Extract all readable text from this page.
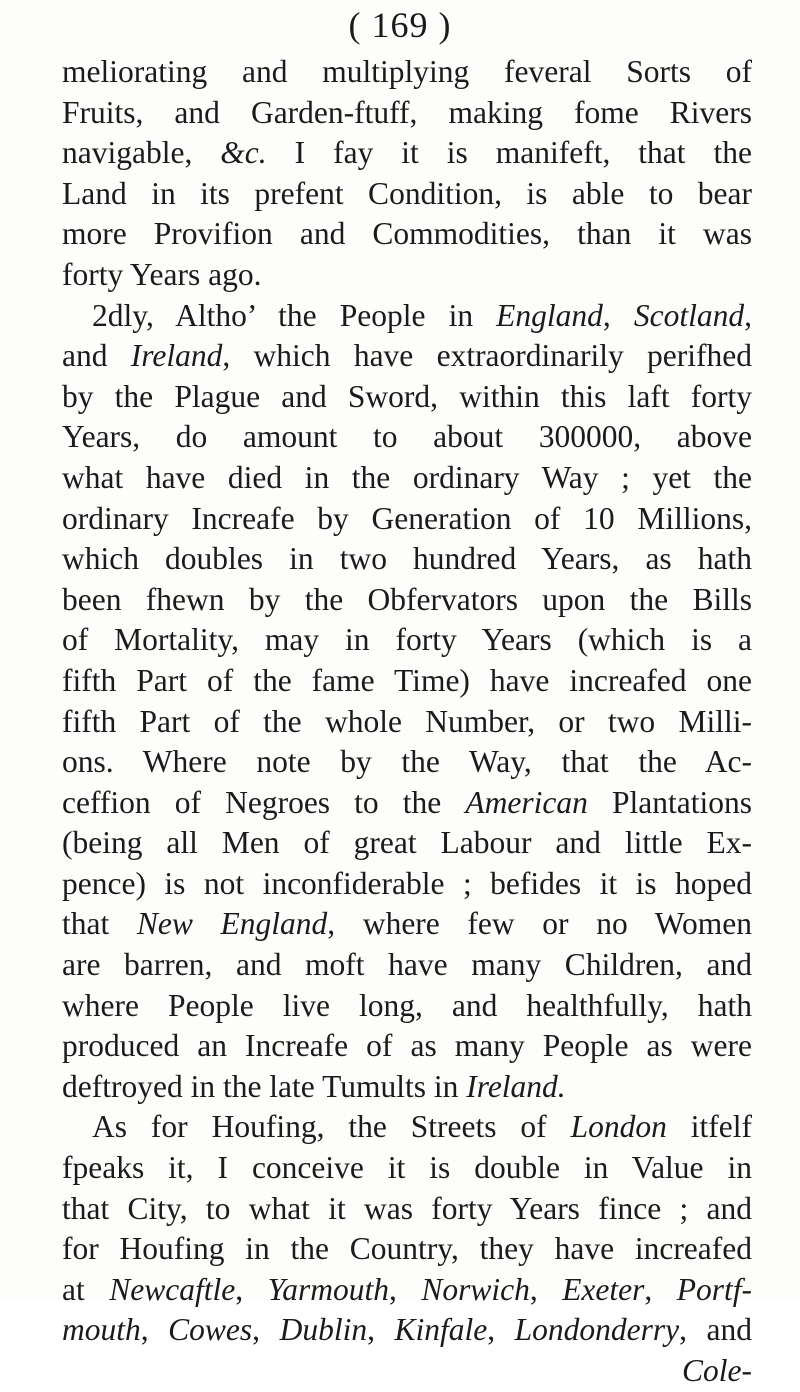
( 169 )
meliorating and multiplying feveral Sorts of
Fruits, and Garden-ftuff, making fome Rivers
navigable, &c. I fay it is manifeft, that the
Land in its prefent Condition, is able to bear
more Provifion and Commodities, than it was
forty Years ago.
2dly, Altho’ the People in England, Scotland,
and Ireland, which have extraordinarily perifhed
by the Plague and Sword, within this laft forty
Years, do amount to about 300000, above
what have died in the ordinary Way ; yet the
ordinary Increafe by Generation of 10 Millions,
which doubles in two hundred Years, as hath
been fhewn by the Obfervators upon the Bills
of Mortality, may in forty Years (which is a
fifth Part of the fame Time) have increafed one
fifth Part of the whole Number, or two Milli-
ons. Where note by the Way, that the Ac-
ceffion of Negroes to the American Plantations
(being all Men of great Labour and little Ex-
pence) is not inconfiderable ; befides it is hoped
that New England, where few or no Women
are barren, and moft have many Children, and
where People live long, and healthfully, hath
produced an Increafe of as many People as were
deftroyed in the late Tumults in Ireland.
As for Houfing, the Streets of London itfelf
fpeaks it, I conceive it is double in Value in
that City, to what it was forty Years fince ; and
for Houfing in the Country, they have increafed
at Newcaftle, Yarmouth, Norwich, Exeter, Portf-
mouth, Cowes, Dublin, Kinfale, Londonderry, and
Cole-
